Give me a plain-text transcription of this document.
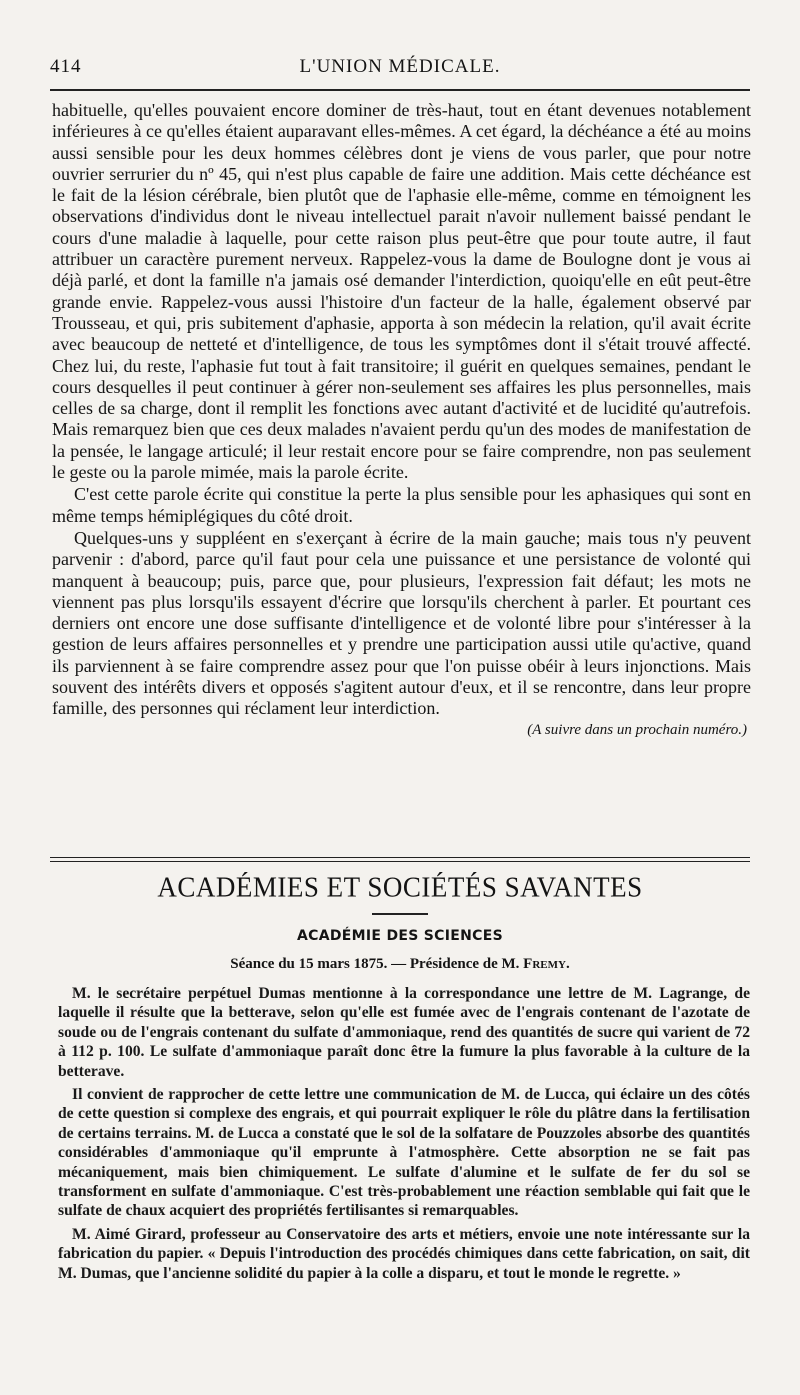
414	L'UNION MÉDICALE.

habituelle, qu'elles pouvaient encore dominer de très-haut, tout en étant devenues notablement inférieures à ce qu'elles étaient auparavant elles-mêmes. A cet égard, la déchéance a été au moins aussi sensible pour les deux hommes célèbres dont je viens de vous parler, que pour notre ouvrier serrurier du nº 45, qui n'est plus capable de faire une addition. Mais cette déchéance est le fait de la lésion cérébrale, bien plutôt que de l'aphasie elle-même, comme en témoignent les observations d'individus dont le niveau intellectuel parait n'avoir nullement baissé pendant le cours d'une maladie à laquelle, pour cette raison plus peut-être que pour toute autre, il faut attribuer un caractère purement nerveux. Rappelez-vous la dame de Boulogne dont je vous ai déjà parlé, et dont la famille n'a jamais osé demander l'interdiction, quoiqu'elle en eût peut-être grande envie. Rappelez-vous aussi l'histoire d'un facteur de la halle, également observé par Trousseau, et qui, pris subitement d'aphasie, apporta à son médecin la relation, qu'il avait écrite avec beaucoup de netteté et d'intelligence, de tous les symptômes dont il s'était trouvé affecté. Chez lui, du reste, l'aphasie fut tout à fait transitoire; il guérit en quelques semaines, pendant le cours desquelles il peut continuer à gérer non-seulement ses affaires les plus personnelles, mais celles de sa charge, dont il remplit les fonctions avec autant d'activité et de lucidité qu'autrefois. Mais remarquez bien que ces deux malades n'avaient perdu qu'un des modes de manifestation de la pensée, le langage articulé; il leur restait encore pour se faire comprendre, non pas seulement le geste ou la parole mimée, mais la parole écrite.

C'est cette parole écrite qui constitue la perte la plus sensible pour les aphasiques qui sont en même temps hémiplégiques du côté droit.

Quelques-uns y suppléent en s'exerçant à écrire de la main gauche; mais tous n'y peuvent parvenir : d'abord, parce qu'il faut pour cela une puissance et une persistance de volonté qui manquent à beaucoup; puis, parce que, pour plusieurs, l'expression fait défaut; les mots ne viennent pas plus lorsqu'ils essayent d'écrire que lorsqu'ils cherchent à parler. Et pourtant ces derniers ont encore une dose suffisante d'intelligence et de volonté libre pour s'intéresser à la gestion de leurs affaires personnelles et y prendre une participation aussi utile qu'active, quand ils parviennent à se faire comprendre assez pour que l'on puisse obéir à leurs injonctions. Mais souvent des intérêts divers et opposés s'agitent autour d'eux, et il se rencontre, dans leur propre famille, des personnes qui réclament leur interdiction.

(A suivre dans un prochain numéro.)
ACADÉMIES ET SOCIÉTÉS SAVANTES
ACADÉMIE DES SCIENCES
Séance du 15 mars 1875. — Présidence de M. Fremy.

M. le secrétaire perpétuel Dumas mentionne à la correspondance une lettre de M. Lagrange, de laquelle il résulte que la betterave, selon qu'elle est fumée avec de l'engrais contenant de l'azotate de soude ou de l'engrais contenant du sulfate d'ammoniaque, rend des quantités de sucre qui varient de 72 à 112 p. 100. Le sulfate d'ammoniaque paraît donc être la fumure la plus favorable à la culture de la betterave.

Il convient de rapprocher de cette lettre une communication de M. de Lucca, qui éclaire un des côtés de cette question si complexe des engrais, et qui pourrait expliquer le rôle du plâtre dans la fertilisation de certains terrains. M. de Lucca a constaté que le sol de la solfatare de Pouzzoles absorbe des quantités considérables d'ammoniaque qu'il emprunte à l'atmosphère. Cette absorption ne se fait pas mécaniquement, mais bien chimiquement. Le sulfate d'alumine et le sulfate de fer du sol se transforment en sulfate d'ammoniaque. C'est très-probablement une réaction semblable qui fait que le sulfate de chaux acquiert des propriétés fertilisantes si remarquables.

M. Aimé Girard, professeur au Conservatoire des arts et métiers, envoie une note intéressante sur la fabrication du papier. « Depuis l'introduction des procédés chimiques dans cette fabrication, on sait, dit M. Dumas, que l'ancienne solidité du papier à la colle a disparu, et tout le monde le regrette. »
